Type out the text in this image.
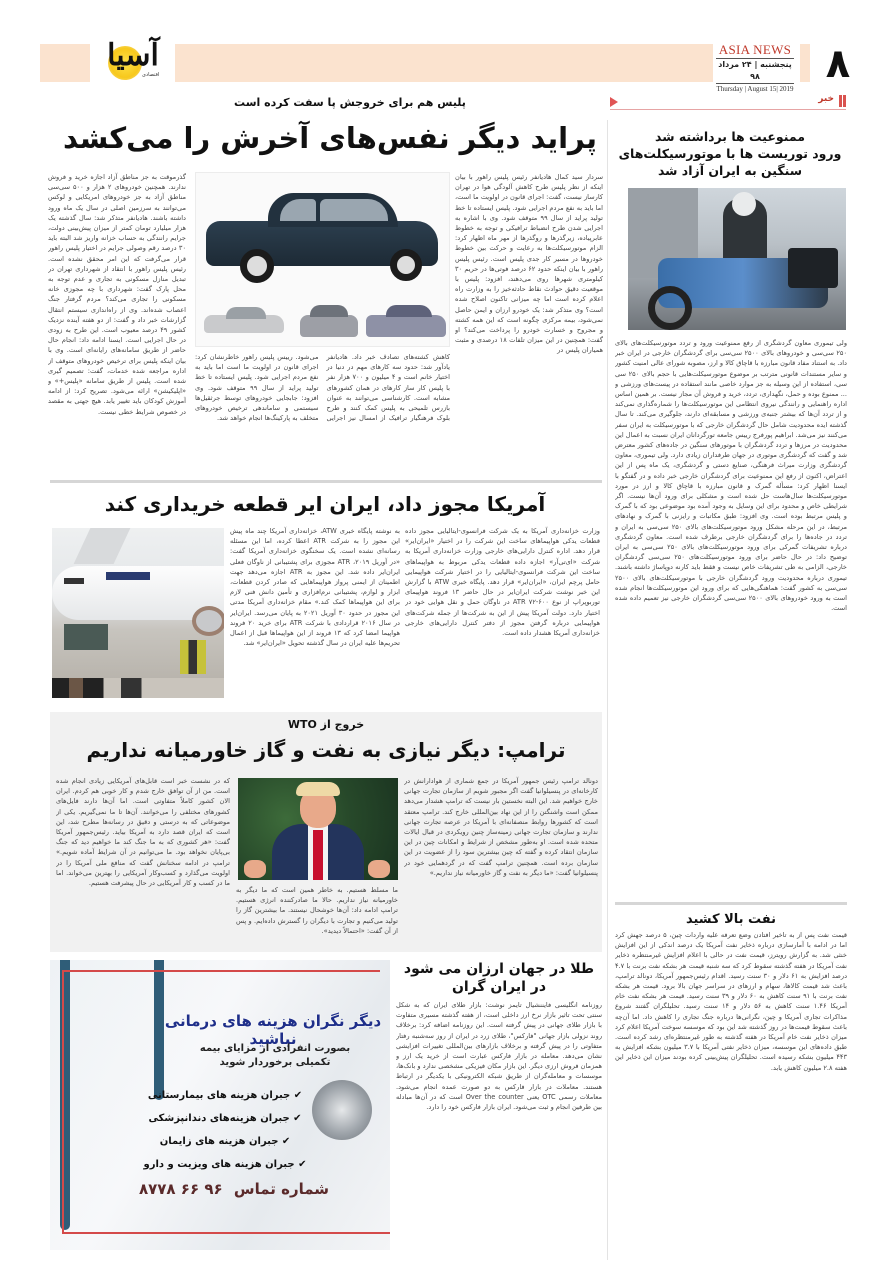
آسیا
اقتصادی
ASIA NEWS
پنجشنبه | ۲۴ مرداد ۹۸
Thursday | August 15| 2019
۸
خبر
ممنوعیت ها برداشته شد
ورود توریست ها با موتورسیکلت‌های
سنگین به ایران آزاد شد
ولی تیموری معاون گردشگری از رفع ممنوعیت ورود و تردد موتورسیکلت‌های بالای ۲۵۰ سی‌سی و خودروهای بالای ۲۵۰۰ سی‌سی برای گردشگران خارجی در ایران خبر داد. به استناد مفاد قانون مبارزه با قاچاق کالا و ارز، مصوبه شورای عالی امنیت کشور و سایر مستندات قانونی مترتب بر موضوع موتورسیکلت‌هایی با حجم بالای ۲۵۰ سی سی، استفاده از این وسیله به جز موارد خاصی مانند استفاده در پیست‌های ورزشی و ... ممنوع بوده و حمل، نگهداری، تردد، خرید و فروش آن مجاز نیست. بر همین اساس اداره راهنمایی و رانندگی نیروی انتظامی این موتورسیکلت‌ها را شماره‌گذاری نمی‌کند و از تردد آن‌ها که بیشتر جنبه‌ی ورزشی و مسابقه‌ای دارند، جلوگیری می‌کند. تا سال گذشته ایده محدودیت شامل حال گردشگران خارجی که با موتورسیکلت به ایران سفر می‌کنند نیز می‌شد. ابراهیم پورفرج رییس جامعه تورگردانان ایران نسبت به اعمال این محدودیت در مرزها و تردد گردشگران با موتورهای سنگین در جاده‌های کشور معترض شد و گفت که گردشگری موتوری در جهان طرفداران زیادی دارد. ولی تیموری، معاون گردشگری وزارت میراث فرهنگی، صنایع دستی و گردشگری، یک ماه پس از این اعتراض، اکنون از رفع این ممنوعیت برای گردشگران خارجی خبر داده و در گفتگو با ایسنا اظهار کرد: مسأله گمرک و قانون مبارزه با قاچاق کالا و ارز در مورد موتورسیکلت‌ها سال‌هاست حل شده است و مشکلی برای ورود آن‌ها نیست. اگر شرایطی خاص و محدود برای این وسایل به وجود آمده بود موضوعی بود که با گمرک و پلیس مرتبط بوده است. وی افزود: طبق مکاتبات و رایزنی با گمرک و نهادهای مرتبط، در این مرحله مشکل ورود موتورسیکلت‌های بالای ۲۵۰ سی‌سی به ایران و تردد در جاده‌ها را برای گردشگران خارجی برطرف شده است. معاون گردشگری درباره تشریفات گمرکی برای ورود موتورسیکلت‌های بالای ۲۵۰ سی‌سی به ایران توضیح داد: در حال حاضر برای ورود موتورسیکلت‌های ۲۵۰ سی‌سی گردشگران خارجی، الزامی به طی تشریفات خاص نیست و فقط باید کارنه دوپاساژ داشته باشند. تیموری درباره محدودیت ورود گردشگران خارجی با موتورسیکلت‌های بالای ۲۵۰۰ سی‌سی به کشور گفت: هماهنگی‌هایی که برای ورود این موتورسیکلت‌ها انجام شده است به ورود خودروهای بالای ۲۵۰۰ سی‌سی گردشگران خارجی نیز تعمیم داده شده است.
نفت بالا کشید
قیمت نفت پس از به تاخیر افتادن وضع تعرفه علیه واردات چین، ۵ درصد جهش کرد اما در ادامه با آمارسازی درباره ذخایر نفت آمریکا یک درصد اندکی از این افزایش خنثی شد. به گزارش رویترز، قیمت نفت در حالی با اعلام افزایش غیرمنتظره ذخایر نفت آمریکا در هفته گذشته سقوط کرد که سه شنبه قیمت هر بشکه نفت برنت با ۴.۷ درصد افزایش به ۶۱ دلار و ۳۰ سنت رسید. اقدام رئیس‌جمهور آمریکا، دونالد ترامپ، باعث شد قیمت کالاها، سهام و ارزهای در سراسر جهان بالا برود. قیمت هر بشکه نفت برنت با ۹۱ سنت کاهش به ۶۰ دلار و ۳۹ سنت رسید. قیمت هر بشکه نفت خام آمریکا ۱.۴۶ سنت کاهش به ۵۶ دلار و ۱۴ سنت رسید. تحلیلگران گفتند شروع مذاکرات تجاری آمریکا و چین، نگرانی‌ها درباره جنگ تجاری را کاهش داد. اما آن‌چه باعث سقوط قیمت‌ها در روز گذشته شد این بود که موسسه سوخت آمریکا اعلام کرد میزان ذخایر نفت خام آمریکا در هفته گذشته به طور غیرمنتظره‌ای رشد کرده است. طبق داده‌های این موسسه، میزان ذخایر نفتی آمریکا با ۳.۷ میلیون بشکه افزایش به ۴۴۳ میلیون بشکه رسیده است. تحلیلگران پیش‌بینی کرده بودند میزان این ذخایر این هفته ۲.۸ میلیون کاهش یابد.
پلیس هم برای خروجش پا سفت کرده است
پراید دیگر نفس‌های آخرش را می‌کشد
سردار سید کمال هادیانفر رئیس پلیس راهور با بیان اینکه از نظر پلیس طرح کاهش آلودگی هوا در تهران کارساز نیست، گفت: اجرای قانون در اولویت ما است، اما باید به نفع مردم اجرایی شود. پلیس ایستاده تا خط تولید پراید از سال ۹۹ متوقف شود. وی با اشاره به اجرایی شدن طرح انضباط ترافیکی و توجه به خطوط عابرپیاده، زیرگذرها و روگذرها از مهر ماه اظهار کرد: الزام موتورسیکلت‌ها به رعایت و حرکت بین خطوط خودروها در مسیر کار جدی پلیس است. رئیس پلیس راهور با بیان اینکه حدود ۶۲ درصد فوتی‌ها در حریم ۳۰ کیلومتری شهرها روی می‌دهند، افزود: پلیس با موقعیت دقیق حوادث نقاط حادثه‌خیز را به وزارت راه اعلام کرده است اما چه میزانی تاکنون اصلاح شده است؟ وی متذکر شد: یک خودرو ارزان و ایمن حاصل نمی‌شود، بیمه مرکزی چگونه است که این همه کشته و مجروح و خسارت خودرو را پرداخت می‌کند؟ او گفت: همچنین در این میزان تلفات ۱۸ درصدی و مثبت همیاران پلیس در
گذرموقت به جز مناطق آزاد اجازه خرید و فروش ندارند. همچنین خودروهای ۲ هزار و ۵۰۰ سی‌سی مناطق آزاد به جز خودروهای امریکایی و لوکس می‌توانند به سرزمین اصلی در سال یک ماه ورود داشته باشند. هادیانفر متذکر شد: سال گذشته یک هزار میلیارد تومان کمتر از میزان پیش‌بینی دولت، جرایم رانندگی به حساب خزانه واریز شد البته باید ۳۰ درصد رقم وصولی جرایم در اختیار پلیس راهور قرار می‌گرفت که این امر محقق نشده است. رئیس پلیس راهور با انتقاد از شهرداری تهران در تبدیل منازل مسکونی به تجاری و عدم توجه به محل پارک گفت: شهرداری با چه مجوزی خانه مسکونی را تجاری می‌کند؟ مردم گرفتار جنگ اعصاب شده‌اند. وی از راه‌اندازی سیستم انتقال گزارشات خبر داد و گفت: از دو هفته آینده نزدیک کشور ۴۹ درصد معیوب است. این طرح به زودی در حال اجرایی است. ایسنا ادامه داد: انجام حال حاضر از طریق سامانه‌های رایانه‌ای است. وی با بیان اینکه پلیس برای ترخیص خودروهای متوقف از اداره مراجعه شده خدمات، گفت: تصمیم گیری شده است. پلیس از طریق سامانه «پلیس+» و «اپلیکیشن» ارائه می‌شود. تصریح کرد: از ادامه آموزش کودکان باید تغییر یابد. هیچ جهتی به مقصد در خصوص شرایط خطی نیست.
کاهش کشته‌های تصادف خبر داد. هادیانفر یادآور شد: حدود سه کارهای مهم در دنیا در اختیار خانم است و ۴ میلیون و ۷۰۰ هزار نفر با پلیس کار ساز کارهای در همان کشورهای مشابه است. کارشناسی می‌توانند به عنوان بازرس تلمیحی به پلیس کمک کنند و طرح بلوک فرهنگیار ترافیک از امسال نیز اجرایی می‌شود. رییس پلیس راهور خاطرنشان کرد: اجرای قانون در اولویت ما است اما باید به نفع مردم اجرایی شود. پلیس ایستاده تا خط تولید پراید از سال ۹۹ متوقف شود. وی افزود: جابجایی خودروهای توسط جرثقیل‌ها سیستمی و ساماندهی ترخیص خودروهای متخلف به پارکینگ‌ها انجام خواهد شد.
آمریکا مجوز داد، ایران ایر قطعه خریداری کند
وزارت خزانه‌داری آمریکا به یک شرکت فرانسوی-ایتالیایی مجوز داده قطعات یدکی هواپیماهای ساخت این شرکت را در اختیار «ایران‌ایر» قرار دهد. اداره کنترل دارایی‌های خارجی وزارت خزانه‌داری آمریکا به شرکت «ای‌تی‌آر» اجازه داده قطعات یدکی مربوط به هواپیماهای ساخت این شرکت فرانسوی-ایتالیایی را در اختیار شرکت هواپیمایی حامل پرچم ایران، «ایران‌ایر» قرار دهد. پایگاه خبری ATW با گزارش این خبر نوشت شرکت ایران‌ایر در حال حاضر ۱۳ فروند هواپیمای توربوپراپ از نوع ATR ۷۲-۶۰۰ در ناوگان حمل و نقل هوایی خود در اختیار دارد. دولت آمریکا پیش از این به شرکت‌ها از جمله شرکت‌های هواپیمایی درباره گرفتن مجوز از دفتر کنترل دارایی‌های خارجی خزانه‌داری آمریکا هشدار داده است.
به نوشته پایگاه خبری ATW، خزانه‌داری آمریکا چند ماه پیش این مجوز را به شرکت ATR اعطا کرده، اما این مسئله رسانه‌ای نشده است. یک سخنگوی خزانه‌داری آمریکا گفت: «در آوریل ۲۰۱۹، ATR مجوزی برای پشتیبانی از ناوگان فعلی ایران‌ایر داده شد. این مجوز به ATR اجازه می‌دهد جهت اطمینان از ایمنی پرواز هواپیماهایی که صادر کردن قطعات، ابزار و لوازم، پشتیبانی نرم‌افزاری و تأمین دانش فنی لازم برای این هواپیماها کمک کند.» مقام خزانه‌داری آمریکا مدتی این مجوز در حدود ۳۰ آوریل ۲۰۲۱ به پایان می‌رسد. ایران‌ایر در سال ۲۰۱۶ قراردادی با شرکت ATR برای خرید ۲۰ فروند هواپیما امضا کرد که ۱۳ فروند از این هواپیماها قبل از اعمال تحریم‌ها علیه ایران در سال گذشته تحویل «ایران‌ایر» شد.
خروج از WTO
ترامپ: دیگر نیازی به نفت و گاز خاورمیانه نداریم
دونالد ترامپ رئیس جمهور آمریکا در جمع شماری از هوادارانش در کارخانه‌ای در پنسیلوانیا گفت اگر مجبور شویم از سازمان تجارت جهانی خارج خواهیم شد. این البته نخستین بار نیست که ترامپ هشدار می‌دهد ممکن است واشنگتن را از این نهاد بین‌المللی خارج کند. ترامپ معتقد است که کشورها روابط منصفانه‌ای با آمریکا در عرصه تجارت جهانی ندارند و سازمان تجارت جهانی زمینه‌ساز چنین رویکردی در قبال ایالات متحده شده است. او به‌طور مشخص از شرایط و امکانات چین در این سازمان انتقاد کرده و گفته که چین بیشترین سود را از عضویت در این سازمان برده است. همچنین ترامپ گفت که در گردهمایی خود در پنسیلوانیا گفت: «ما دیگر به نفت و گاز خاورمیانه نیاز نداریم.»
ما مسلط هستیم. به خاطر همین است که ما دیگر به خاورمیانه نیاز نداریم. حالا ما صادرکننده انرژی هستیم. ترامپ ادامه داد: آن‌ها خوشحال نیستند. ما بیشترین گاز را تولید می‌کنیم و تجارت با دیگران را گسترش داده‌ایم. و پس از آن گفت: «احتمالاً دیدید».
که در نشست خبر است قابل‌های آمریکایی زیادی انجام شده است. من از آن توافق خارج شدم و کار خوبی هم کردم. ایران الان کشور کاملاً متفاوتی است. اما آن‌ها دارند فایل‌های کشورهای مختلفی را می‌خوانند. آن‌ها تا ما نمی‌گیریم. یکی از موضوعاتی که به درستی و دقیق در رسانه‌ها مطرح شد، این است که ایران قصد دارد به آمریکا بیاید. رئیس‌جمهور آمریکا گفت: «هر کشوری که به ما جنگ کند ما خواهیم دید که جنگ بی‌پایان نخواهد بود. ما می‌توانیم در آن شرایط آماده شویم.» ترامپ در ادامه سخنانش گفت که منافع ملی آمریکا را در اولویت می‌گذارد و کسب‌وکار آمریکایی را بهترین می‌خواند. اما ما در کسب و کار آمریکایی در حال پیشرفت هستیم.
طلا در جهان ارزان می شود
در ایران گران
روزنامه انگلیسی فایننشیال تایمز نوشت: بازار طلای ایران که به شکل سنتی تحت تاثیر بازار نرخ ارز داخلی است، از هفته گذشته مسیری متفاوت با بازار طلای جهانی در پیش گرفته است. این روزنامه اضافه کرد: برخلاف روند نزولی بازار جهانی "فارکس"، طلای زرد در ایران از روز سه‌شنبه رفتار متفاوتی را در پیش گرفته و برخلاف بازارهای بین‌المللی تغییرات افزایشی نشان می‌دهد. معامله در بازار فارکس عبارت است از خرید یک ارز و همزمان فروش ارزی دیگر. این بازار مکان فیزیکی مشخصی ندارد و بانک‌ها، موسسات و معامله‌گران از طریق شبکه الکترونیکی با یکدیگر در ارتباط هستند. معاملات در بازار فارکس به دو صورت عمده انجام می‌شود. معاملات رسمی OTC یعنی Over the counter است که در آن‌ها مبادله بین طرفین انجام و ثبت می‌شود. ایران بازار فارکس خود را دارد.
دیگر نگران هزینه های درمانی نباشید
بصورت انفرادی از مزایای بیمه
تکمیلی برخوردار شوید
✔ جبران هزینه های بیمارستانی
✔ جبران هزینه‌های دندانپزشکی
✔ جبران هزینه های زایمان
✔ جبران هزینه های ویزیت و دارو
شماره تماس ۹۶ ۶۶ ۸۷۷۸
